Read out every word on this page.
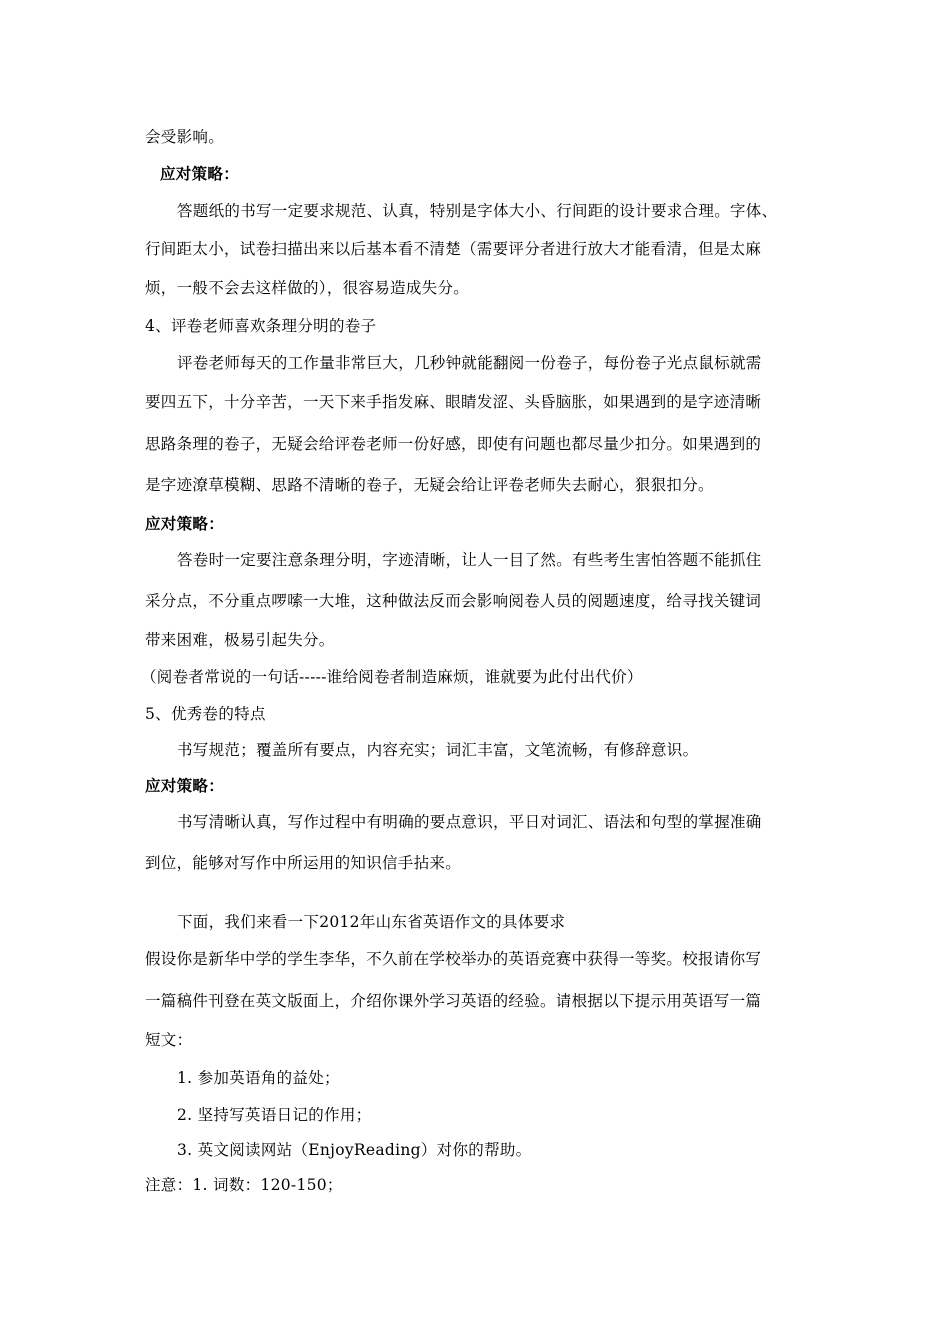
会受影响。
应对策略：
答题纸的书写一定要求规范、认真，特别是字体大小、行间距的设计要求合理。字体、
行间距太小，试卷扫描出来以后基本看不清楚（需要评分者进行放大才能看清，但是太麻
烦，一般不会去这样做的），很容易造成失分。
4、评卷老师喜欢条理分明的卷子
评卷老师每天的工作量非常巨大，几秒钟就能翻阅一份卷子，每份卷子光点鼠标就需
要四五下，十分辛苦，一天下来手指发麻、眼睛发涩、头昏脑胀，如果遇到的是字迹清晰
思路条理的卷子，无疑会给评卷老师一份好感，即使有问题也都尽量少扣分。如果遇到的
是字迹潦草模糊、思路不清晰的卷子，无疑会给让评卷老师失去耐心，狠狠扣分。
应对策略：
答卷时一定要注意条理分明，字迹清晰，让人一目了然。有些考生害怕答题不能抓住
采分点，不分重点啰嗦一大堆，这种做法反而会影响阅卷人员的阅题速度，给寻找关键词
带来困难，极易引起失分。
（阅卷者常说的一句话-----谁给阅卷者制造麻烦，谁就要为此付出代价）
5、优秀卷的特点
书写规范；覆盖所有要点，内容充实；词汇丰富，文笔流畅，有修辞意识。
应对策略：
书写清晰认真，写作过程中有明确的要点意识，平日对词汇、语法和句型的掌握准确
到位，能够对写作中所运用的知识信手拈来。
下面，我们来看一下2012年山东省英语作文的具体要求
假设你是新华中学的学生李华，不久前在学校举办的英语竞赛中获得一等奖。校报请你写
一篇稿件刊登在英文版面上，介绍你课外学习英语的经验。请根据以下提示用英语写一篇
短文：
1. 参加英语角的益处；
2. 坚持写英语日记的作用；
3. 英文阅读网站（EnjoyReading）对你的帮助。
注意：1. 词数：120-150；
